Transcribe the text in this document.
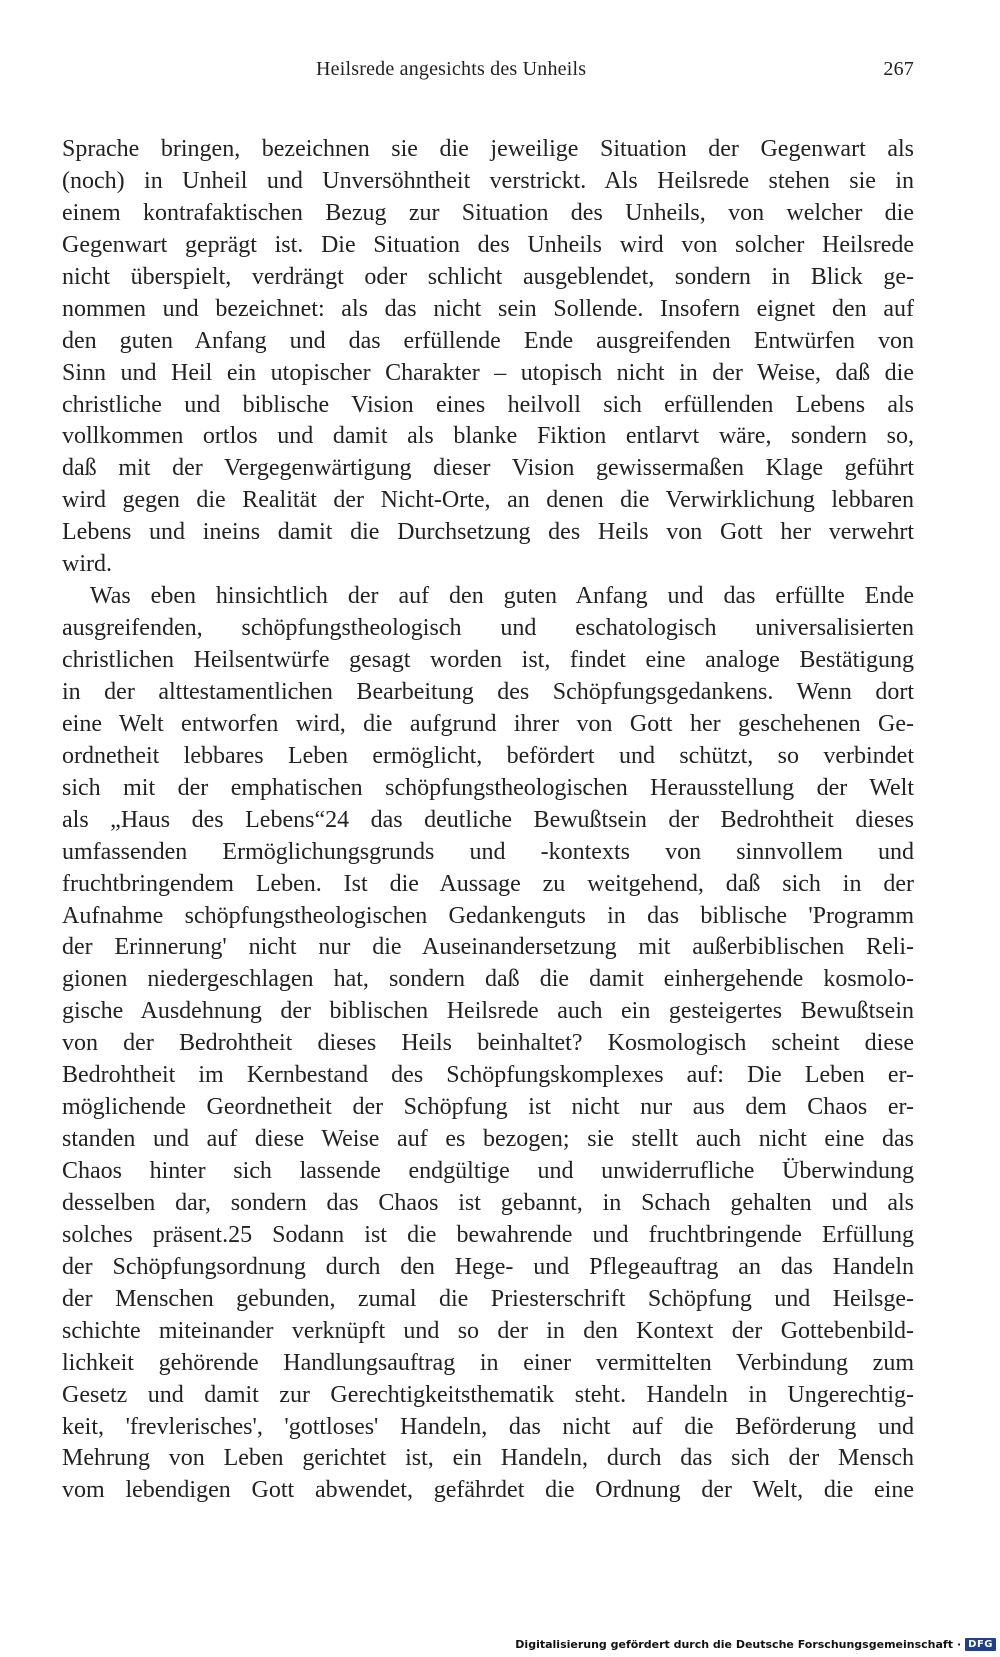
Heilsrede angesichts des Unheils	267
Sprache bringen, bezeichnen sie die jeweilige Situation der Gegenwart als
(noch) in Unheil und Unversöhntheit verstrickt. Als Heilsrede stehen sie in
einem kontrafaktischen Bezug zur Situation des Unheils, von welcher die
Gegenwart geprägt ist. Die Situation des Unheils wird von solcher Heilsrede
nicht überspielt, verdrängt oder schlicht ausgeblendet, sondern in Blick ge-
nommen und bezeichnet: als das nicht sein Sollende. Insofern eignet den auf
den guten Anfang und das erfüllende Ende ausgreifenden Entwürfen von
Sinn und Heil ein utopischer Charakter – utopisch nicht in der Weise, daß die
christliche und biblische Vision eines heilvoll sich erfüllenden Lebens als
vollkommen ortlos und damit als blanke Fiktion entlarvt wäre, sondern so,
daß mit der Vergegenwärtigung dieser Vision gewissermaßen Klage geführt
wird gegen die Realität der Nicht-Orte, an denen die Verwirklichung lebbaren
Lebens und ineins damit die Durchsetzung des Heils von Gott her verwehrt
wird.
Was eben hinsichtlich der auf den guten Anfang und das erfüllte Ende
ausgreifenden, schöpfungstheologisch und eschatologisch universalisierten
christlichen Heilsentwürfe gesagt worden ist, findet eine analoge Bestätigung
in der alttestamentlichen Bearbeitung des Schöpfungsgedankens. Wenn dort
eine Welt entworfen wird, die aufgrund ihrer von Gott her geschehenen Ge-
ordnetheit lebbares Leben ermöglicht, befördert und schützt, so verbindet
sich mit der emphatischen schöpfungstheologischen Herausstellung der Welt
als „Haus des Lebens“24 das deutliche Bewußtsein der Bedrohtheit dieses
umfassenden Ermöglichungsgrunds und -kontexts von sinnvollem und
fruchtbringendem Leben. Ist die Aussage zu weitgehend, daß sich in der
Aufnahme schöpfungstheologischen Gedankenguts in das biblische 'Programm
der Erinnerung' nicht nur die Auseinandersetzung mit außerbiblischen Reli-
gionen niedergeschlagen hat, sondern daß die damit einhergehende kosmolo-
gische Ausdehnung der biblischen Heilsrede auch ein gesteigertes Bewußtsein
von der Bedrohtheit dieses Heils beinhaltet? Kosmologisch scheint diese
Bedrohtheit im Kernbestand des Schöpfungskomplexes auf: Die Leben er-
möglichende Geordnetheit der Schöpfung ist nicht nur aus dem Chaos er-
standen und auf diese Weise auf es bezogen; sie stellt auch nicht eine das
Chaos hinter sich lassende endgültige und unwiderrufliche Überwindung
desselben dar, sondern das Chaos ist gebannt, in Schach gehalten und als
solches präsent.25 Sodann ist die bewahrende und fruchtbringende Erfüllung
der Schöpfungsordnung durch den Hege- und Pflegeauftrag an das Handeln
der Menschen gebunden, zumal die Priesterschrift Schöpfung und Heilsge-
schichte miteinander verknüpft und so der in den Kontext der Gottebenbild-
lichkeit gehörende Handlungsauftrag in einer vermittelten Verbindung zum
Gesetz und damit zur Gerechtigkeitsthematik steht. Handeln in Ungerechtig-
keit, 'frevlerisches', 'gottloses' Handeln, das nicht auf die Beförderung und
Mehrung von Leben gerichtet ist, ein Handeln, durch das sich der Mensch
vom lebendigen Gott abwendet, gefährdet die Ordnung der Welt, die eine
Digitalisierung gefördert durch die Deutsche Forschungsgemeinschaft · DFG
